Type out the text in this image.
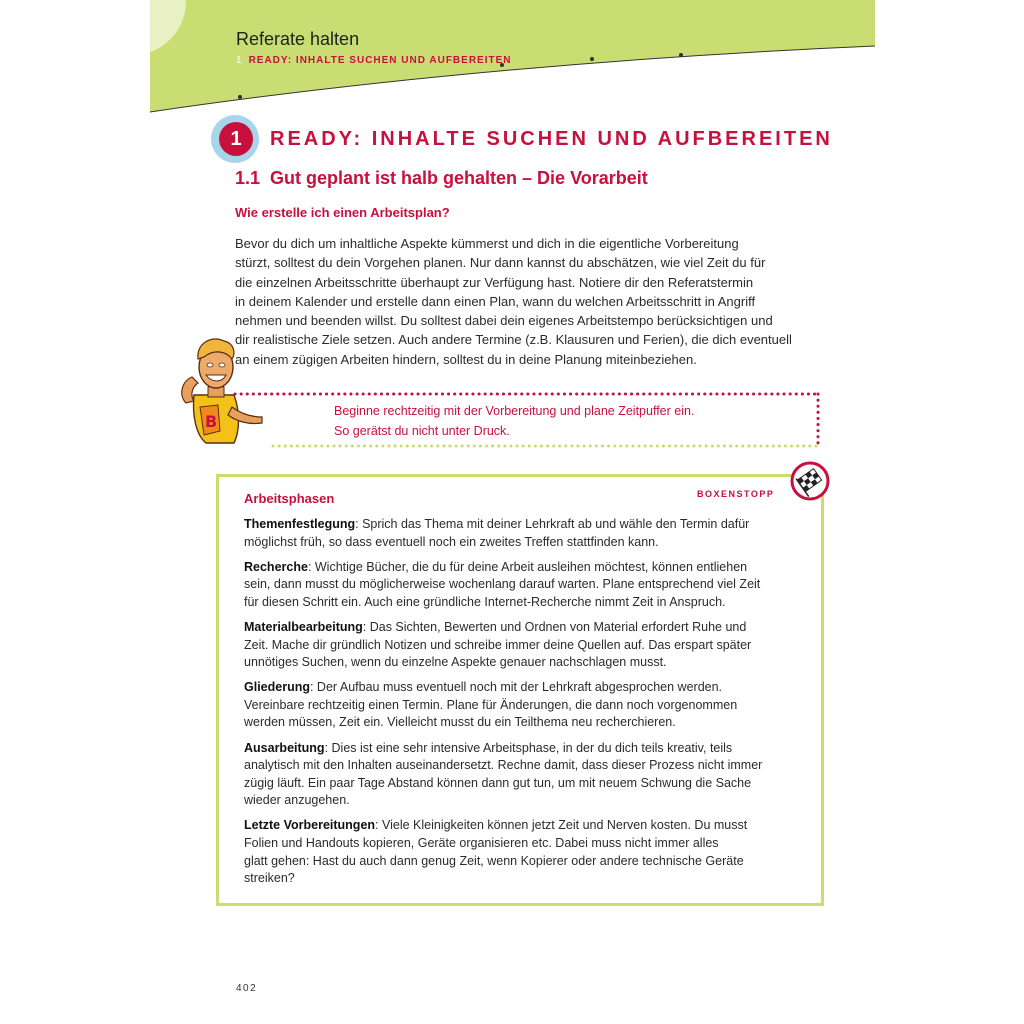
Referate halten
1 READY: INHALTE SUCHEN UND AUFBEREITEN
1	READY: INHALTE SUCHEN UND AUFBEREITEN
1.1 Gut geplant ist halb gehalten – Die Vorarbeit
Wie erstelle ich einen Arbeitsplan?
Bevor du dich um inhaltliche Aspekte kümmerst und dich in die eigentliche Vorbereitung
stürzt, solltest du dein Vorgehen planen. Nur dann kannst du abschätzen, wie viel Zeit du für
die einzelnen Arbeitsschritte überhaupt zur Verfügung hast. Notiere dir den Referatstermin
in deinem Kalender und erstelle dann einen Plan, wann du welchen Arbeitsschritt in Angriff
nehmen und beenden willst. Du solltest dabei dein eigenes Arbeitstempo berücksichtigen und
dir realistische Ziele setzen. Auch andere Termine (z.B. Klausuren und Ferien), die dich eventuell
an einem zügigen Arbeiten hindern, solltest du in deine Planung miteinbeziehen.
Beginne rechtzeitig mit der Vorbereitung und plane Zeitpuffer ein.
So gerätst du nicht unter Druck.
B
Arbeitsphasen	BOXENSTOPP
Themenfestlegung: Sprich das Thema mit deiner Lehrkraft ab und wähle den Termin dafür
möglichst früh, so dass eventuell noch ein zweites Treffen stattfinden kann.
Recherche: Wichtige Bücher, die du für deine Arbeit ausleihen möchtest, können entliehen
sein, dann musst du möglicherweise wochenlang darauf warten. Plane entsprechend viel Zeit
für diesen Schritt ein. Auch eine gründliche Internet-Recherche nimmt Zeit in Anspruch.
Materialbearbeitung: Das Sichten, Bewerten und Ordnen von Material erfordert Ruhe und
Zeit. Mache dir gründlich Notizen und schreibe immer deine Quellen auf. Das erspart später
unnötiges Suchen, wenn du einzelne Aspekte genauer nachschlagen musst.
Gliederung: Der Aufbau muss eventuell noch mit der Lehrkraft abgesprochen werden.
Vereinbare rechtzeitig einen Termin. Plane für Änderungen, die dann noch vorgenommen
werden müssen, Zeit ein. Vielleicht musst du ein Teilthema neu recherchieren.
Ausarbeitung: Dies ist eine sehr intensive Arbeitsphase, in der du dich teils kreativ, teils
analytisch mit den Inhalten auseinandersetzt. Rechne damit, dass dieser Prozess nicht immer
zügig läuft. Ein paar Tage Abstand können dann gut tun, um mit neuem Schwung die Sache
wieder anzugehen.
Letzte Vorbereitungen: Viele Kleinigkeiten können jetzt Zeit und Nerven kosten. Du musst
Folien und Handouts kopieren, Geräte organisieren etc. Dabei muss nicht immer alles
glatt gehen: Hast du auch dann genug Zeit, wenn Kopierer oder andere technische Geräte
streiken?
402
